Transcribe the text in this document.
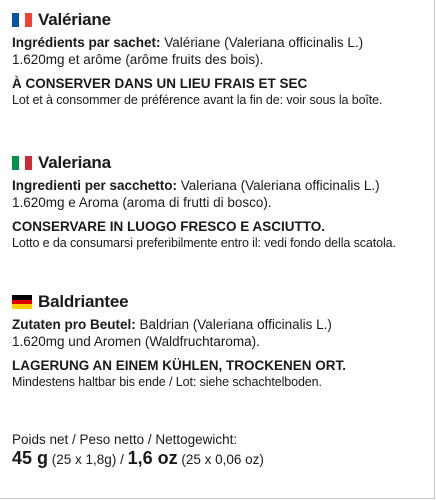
Valériane
Ingrédients par sachet: Valériane (Valeriana officinalis L.)
1.620mg et arôme (arôme fruits des bois).
À CONSERVER DANS UN LIEU FRAIS ET SEC
Lot et à consommer de préférence avant la fin de: voir sous la boîte.
Valeriana
Ingredienti per sacchetto: Valeriana (Valeriana officinalis L.)
1.620mg e Aroma (aroma di frutti di bosco).
CONSERVARE IN LUOGO FRESCO E ASCIUTTO.
Lotto e da consumarsi preferibilmente entro il: vedi fondo della scatola.
Baldriantee
Zutaten pro Beutel: Baldrian (Valeriana officinalis L.)
1.620mg und Aromen (Waldfruchtaroma).
LAGERUNG AN EINEM KÜHLEN, TROCKENEN ORT.
Mindestens haltbar bis ende / Lot: siehe schachtelboden.
Poids net / Peso netto / Nettogewicht:
45 g (25 x 1,8g) / 1,6 oz (25 x 0,06 oz)
